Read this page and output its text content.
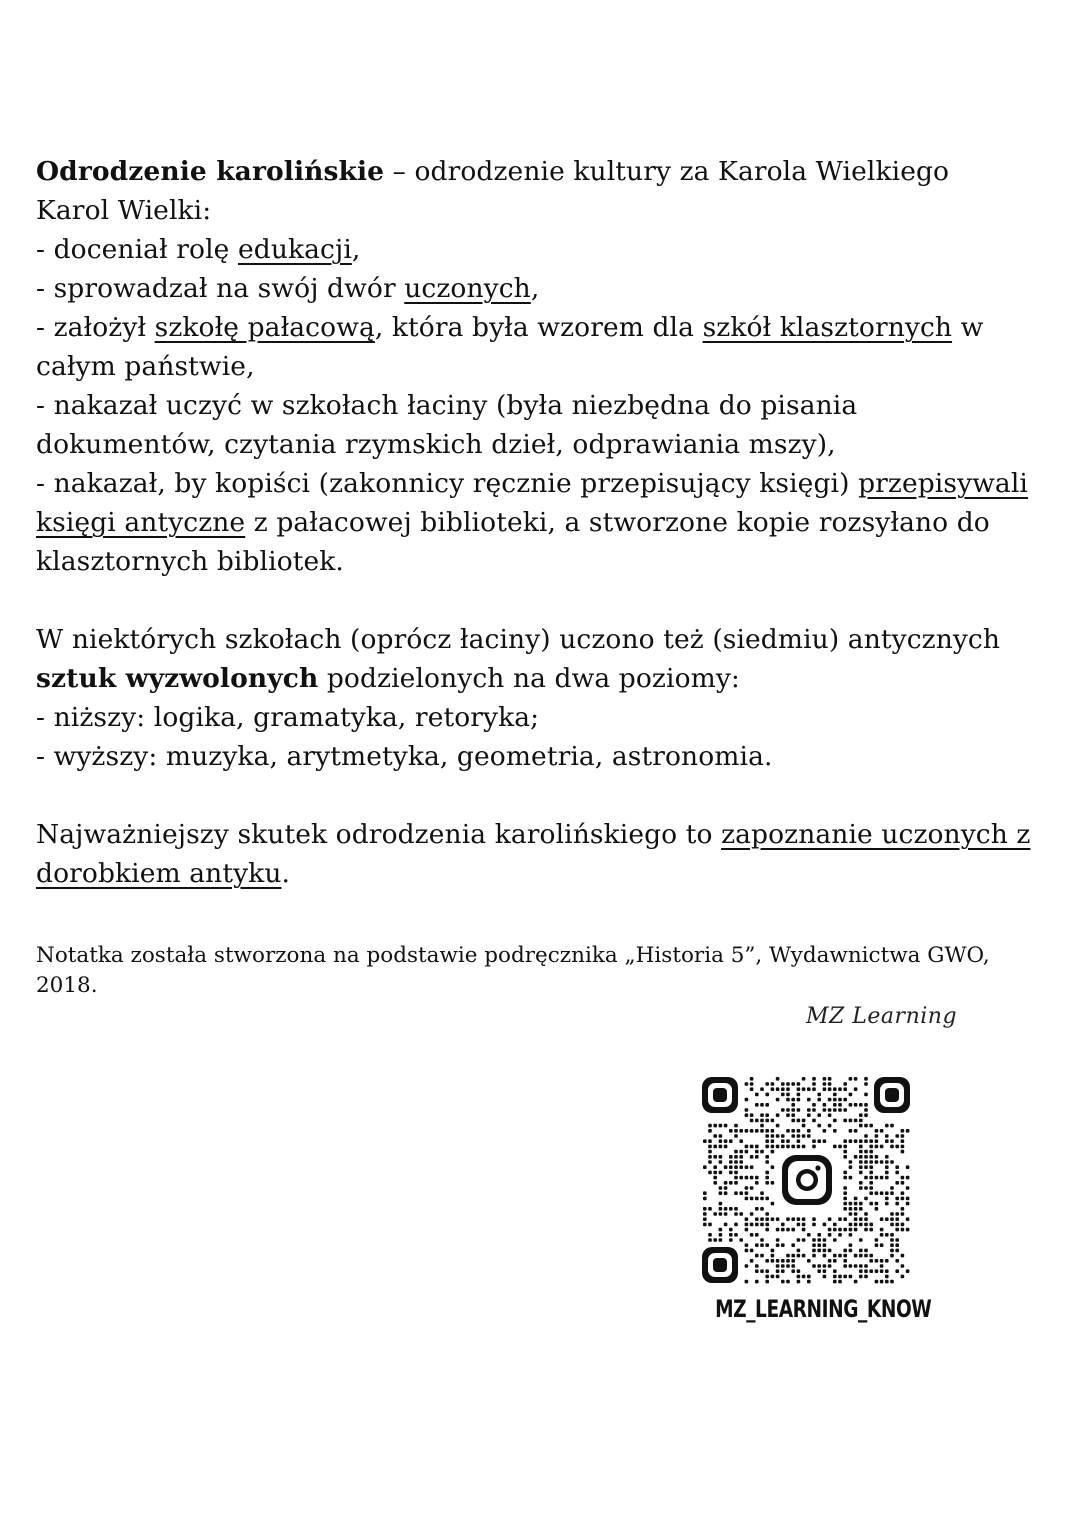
Odrodzenie karolińskie – odrodzenie kultury za Karola Wielkiego

Karol Wielki:

- doceniał rolę edukacji,

- sprowadzał na swój dwór uczonych,

- założył szkołę pałacową, która była wzorem dla szkół klasztornych w całym państwie,

- nakazał uczyć w szkołach łaciny (była niezbędna do pisania dokumentów, czytania rzymskich dzieł, odprawiania mszy),

- nakazał, by kopiści (zakonnicy ręcznie przepisujący księgi) przepisywali księgi antyczne z pałacowej biblioteki, a stworzone kopie rozsyłano do klasztornych bibliotek.

W niektórych szkołach (oprócz łaciny) uczono też (siedmiu) antycznych sztuk wyzwolonych podzielonych na dwa poziomy:

- niższy: logika, gramatyka, retoryka;

- wyższy: muzyka, arytmetyka, geometria, astronomia.

Najważniejszy skutek odrodzenia karolińskiego to zapoznanie uczonych z dorobkiem antyku.

Notatka została stworzona na podstawie podręcznika „Historia 5”, Wydawnictwa GWO, 2018.
MZ Learning
MZ_LEARNING_KNOW
